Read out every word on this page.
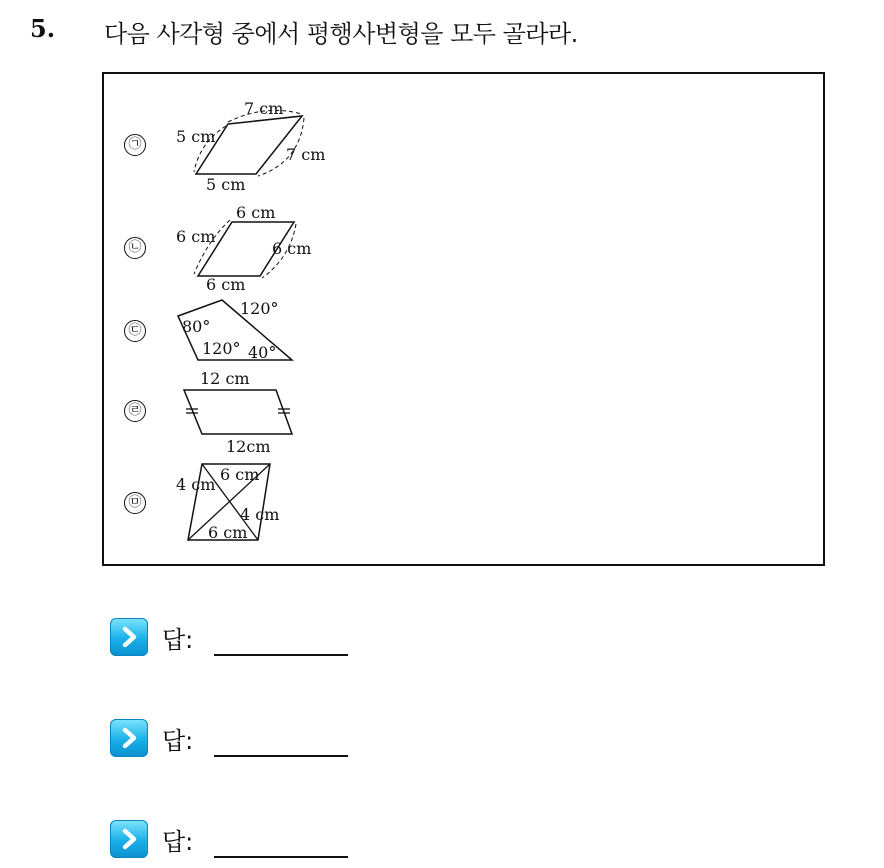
5. 다음 사각형 중에서 평행사변형을 모두 골라라.
㉠
7 cm
5 cm
7 cm
5 cm
㉡
6 cm
6 cm
6 cm
6 cm
㉢
120°
80°
120° 40°
㉣
12 cm
12cm
㉤
4 cm
6 cm
4 cm
6 cm
답:
답:
답:
